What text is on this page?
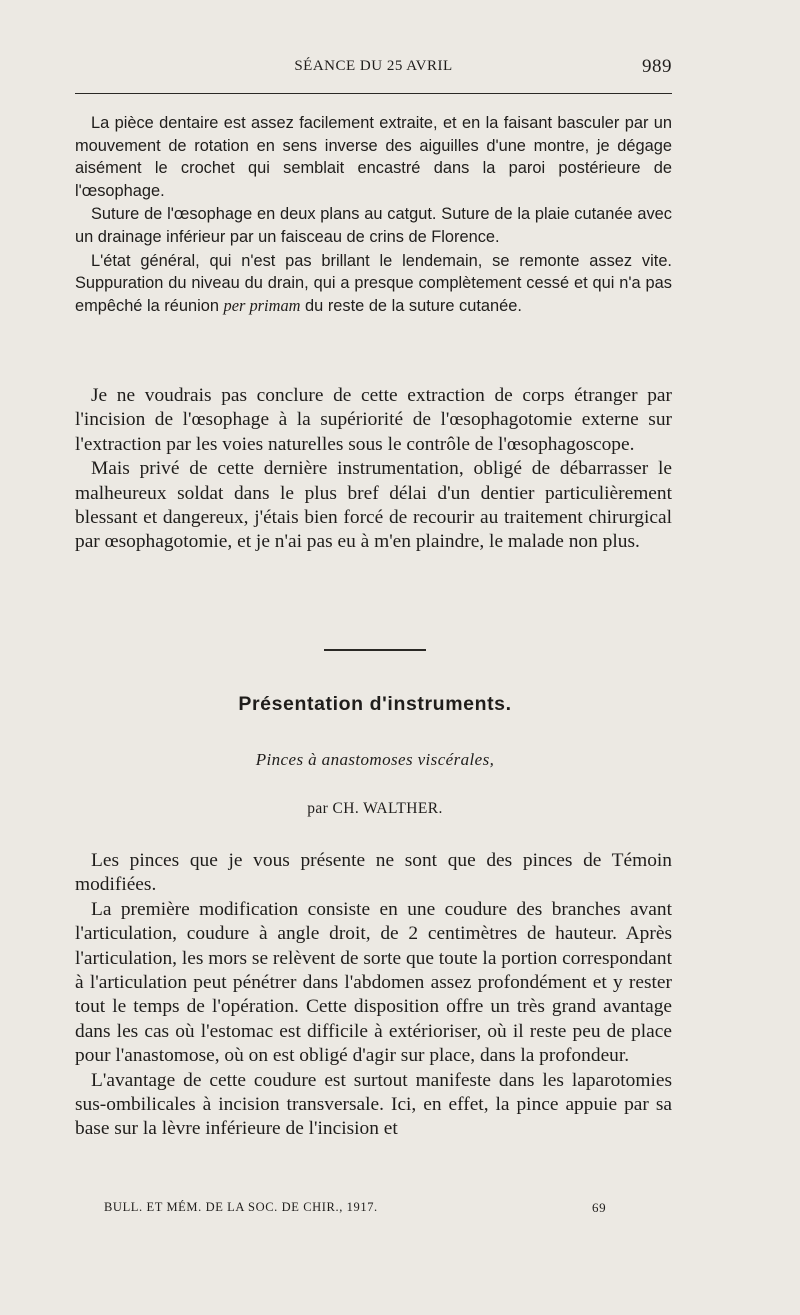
SÉANCE DU 25 AVRIL	989

La pièce dentaire est assez facilement extraite, et en la faisant basculer par un mouvement de rotation en sens inverse des aiguilles d'une montre, je dégage aisément le crochet qui semblait encastré dans la paroi postérieure de l'œsophage.

Suture de l'œsophage en deux plans au catgut. Suture de la plaie cutanée avec un drainage inférieur par un faisceau de crins de Florence.

L'état général, qui n'est pas brillant le lendemain, se remonte assez vite. Suppuration du niveau du drain, qui a presque complètement cessé et qui n'a pas empêché la réunion per primam du reste de la suture cutanée.

Je ne voudrais pas conclure de cette extraction de corps étranger par l'incision de l'œsophage à la supériorité de l'œsophagotomie externe sur l'extraction par les voies naturelles sous le contrôle de l'œsophagoscope.

Mais privé de cette dernière instrumentation, obligé de débarrasser le malheureux soldat dans le plus bref délai d'un dentier particulièrement blessant et dangereux, j'étais bien forcé de recourir au traitement chirurgical par œsophagotomie, et je n'ai pas eu à m'en plaindre, le malade non plus.

Présentation d'instruments.
Pinces à anastomoses viscérales,
par CH. WALTHER.

Les pinces que je vous présente ne sont que des pinces de Témoin modifiées.

La première modification consiste en une coudure des branches avant l'articulation, coudure à angle droit, de 2 centimètres de hauteur. Après l'articulation, les mors se relèvent de sorte que toute la portion correspondant à l'articulation peut pénétrer dans l'abdomen assez profondément et y rester tout le temps de l'opération. Cette disposition offre un très grand avantage dans les cas où l'estomac est difficile à extérioriser, où il reste peu de place pour l'anastomose, où on est obligé d'agir sur place, dans la profondeur.

L'avantage de cette coudure est surtout manifeste dans les laparotomies sus-ombilicales à incision transversale. Ici, en effet, la pince appuie par sa base sur la lèvre inférieure de l'incision et

BULL. ET MÉM. DE LA SOC. DE CHIR., 1917.	69
